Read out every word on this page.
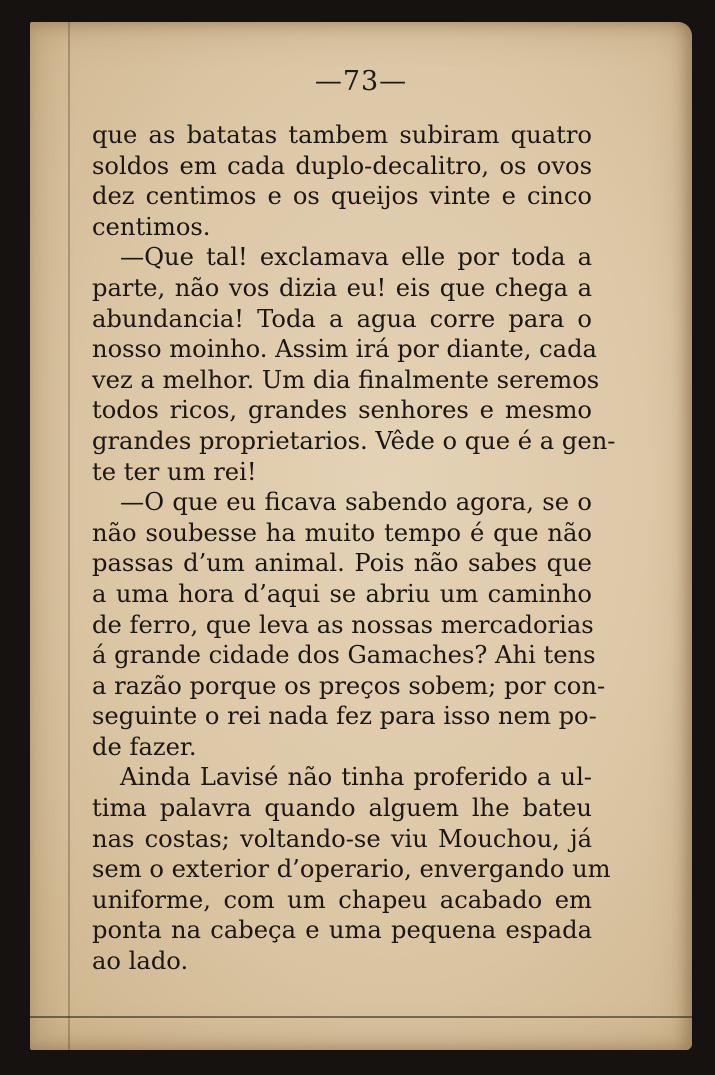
—73—
que as batatas tambem subiram quatro
soldos em cada duplo-decalitro, os ovos
dez centimos e os queijos vinte e cinco
centimos.
—Que tal! exclamava elle por toda a
parte, não vos dizia eu! eis que chega a
abundancia! Toda a agua corre para o
nosso moinho. Assim irá por diante, cada
vez a melhor. Um dia finalmente seremos
todos ricos, grandes senhores e mesmo
grandes proprietarios. Vêde o que é a gen-
te ter um rei!
—O que eu ficava sabendo agora, se o
não soubesse ha muito tempo é que não
passas d’um animal. Pois não sabes que
a uma hora d’aqui se abriu um caminho
de ferro, que leva as nossas mercadorias
á grande cidade dos Gamaches? Ahi tens
a razão porque os preços sobem; por con-
seguinte o rei nada fez para isso nem po-
de fazer.
Ainda Lavisé não tinha proferido a ul-
tima palavra quando alguem lhe bateu
nas costas; voltando-se viu Mouchou, já
sem o exterior d’operario, envergando um
uniforme, com um chapeu acabado em
ponta na cabeça e uma pequena espada
ao lado.
